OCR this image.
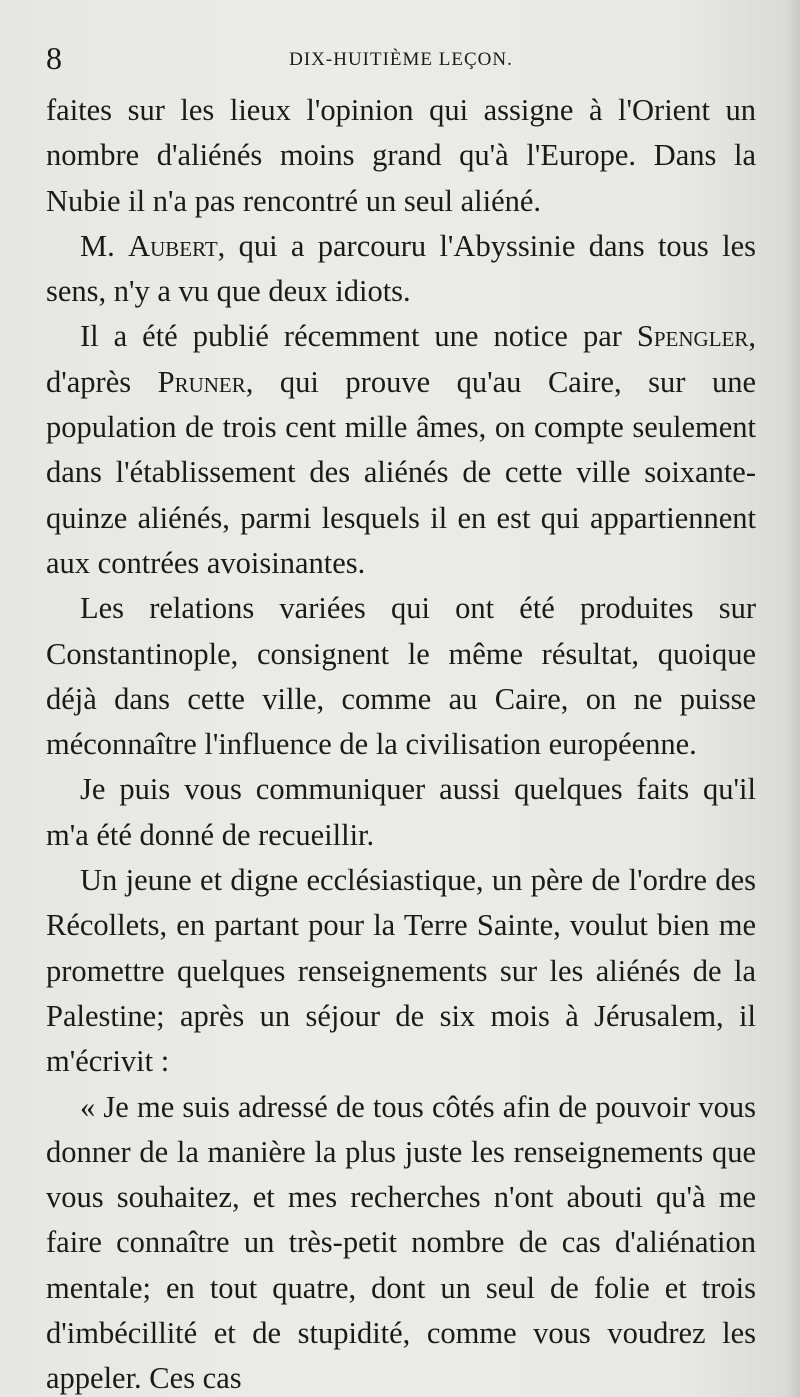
8	DIX-HUITIÈME LEÇON.

faites sur les lieux l'opinion qui assigne à l'Orient un nombre d'aliénés moins grand qu'à l'Europe. Dans la Nubie il n'a pas rencontré un seul aliéné.

M. Aubert, qui a parcouru l'Abyssinie dans tous les sens, n'y a vu que deux idiots.

Il a été publié récemment une notice par Spengler, d'après Pruner, qui prouve qu'au Caire, sur une population de trois cent mille âmes, on compte seulement dans l'établissement des aliénés de cette ville soixante-quinze aliénés, parmi lesquels il en est qui appartiennent aux contrées avoisinantes.

Les relations variées qui ont été produites sur Constantinople, consignent le même résultat, quoique déjà dans cette ville, comme au Caire, on ne puisse méconnaître l'influence de la civilisation européenne.

Je puis vous communiquer aussi quelques faits qu'il m'a été donné de recueillir.

Un jeune et digne ecclésiastique, un père de l'ordre des Récollets, en partant pour la Terre Sainte, voulut bien me promettre quelques renseignements sur les aliénés de la Palestine; après un séjour de six mois à Jérusalem, il m'écrivit :

« Je me suis adressé de tous côtés afin de pouvoir vous donner de la manière la plus juste les renseignements que vous souhaitez, et mes recherches n'ont abouti qu'à me faire connaître un très-petit nombre de cas d'aliénation mentale; en tout quatre, dont un seul de folie et trois d'imbécillité et de stupidité, comme vous voudrez les appeler. Ces cas
